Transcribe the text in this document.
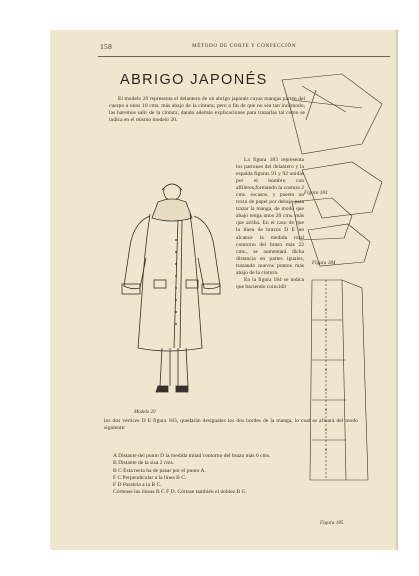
158	MÉTODO DE CORTE Y CONFECCIÓN
ABRIGO JAPONÉS
El modelo 20 representa el delantero de un abrigo japonés cuyas mangas parten del cuerpo a unos 10 cms. más abajo de la cintura; pero a fin de que no sea tan incómodo, las haremos salir de la cintura, dando además explicaciones para trazarlas tal como se indica en el mismo modelo 20.

La figura 183 representa los patrones del delantero y la espalda figuras 91 y 92 unidas por el hombro con alfileres,formando la costura 2 cms. escasos, y puesto un trozo de papel por debajo para trazar la manga, de modo que abajo tenga unos 20 cms. más que arriba. En el caso de que la línea de brazos D E no alcance la medida total contorno del brazo más 22 cms., se aumentará dicha distancia en partes iguales, trazando nuevos puntos más abajo de la cintura.

En la figura 184 se indica que haciendo coincidir

Modelo 20
Figura 183
Figura 184
Figura 185

los dos vértices D E figura 183, quedarán desiguales los dos bordes de la manga, lo cual se afinará del modo siguiente:

A Distante del punto D la medida mitad contorno del brazo más 6 cms.
B Distante de la sisa 2 cms.
B C Esta recta ha de pasar por el punto A.
F C Perpendicular a la línea B C.
F D Paralela a la B C.
Córtense las líneas B C F D. Córtase también el doblez B G.
